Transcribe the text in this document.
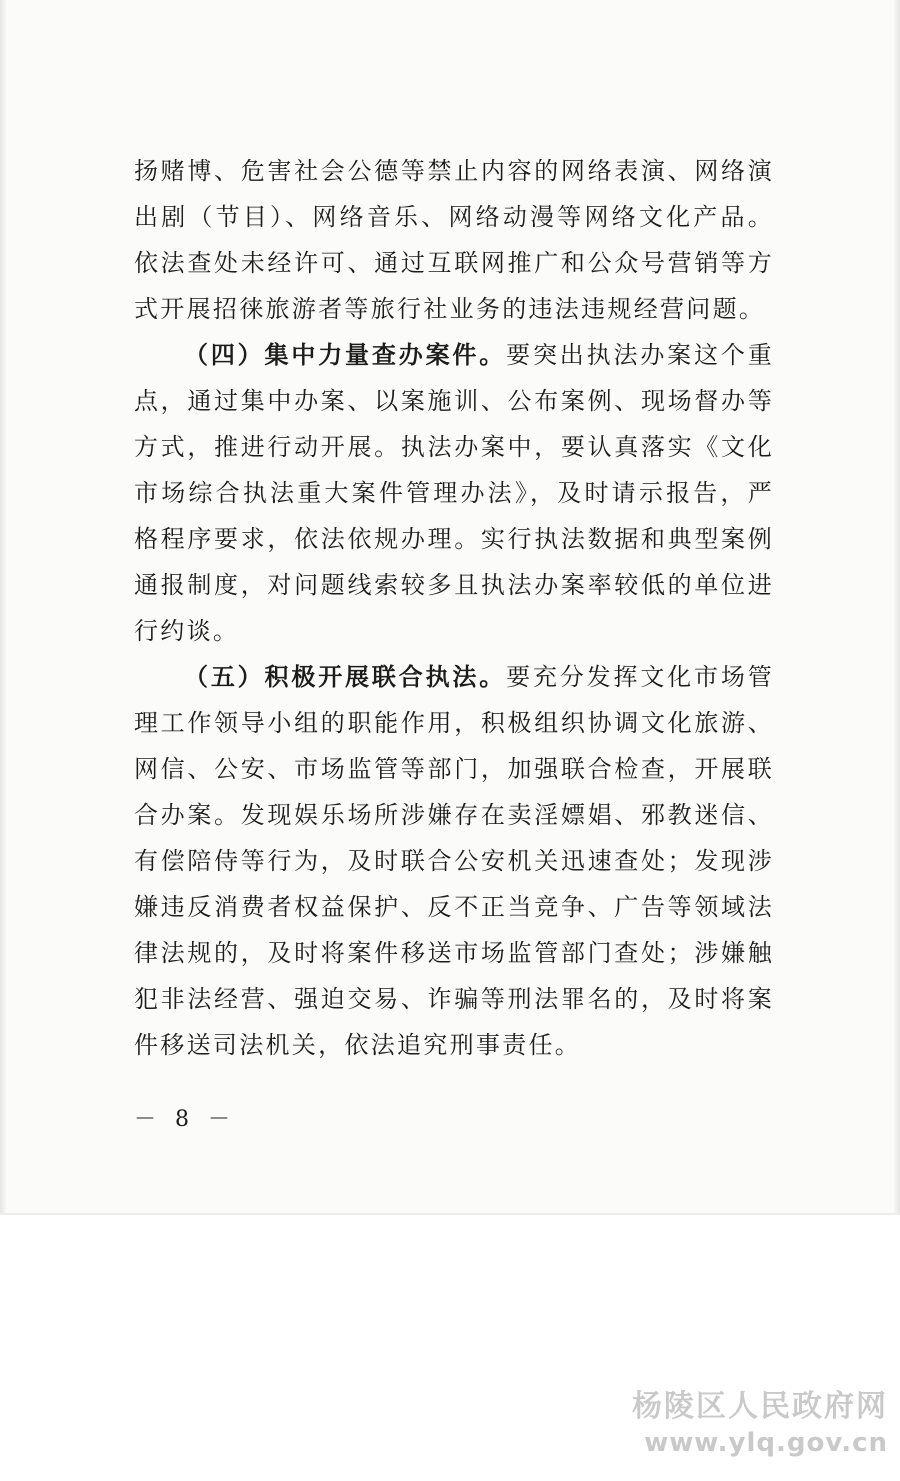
扬赌博、危害社会公德等禁止内容的网络表演、网络演出剧（节目）、网络音乐、网络动漫等网络文化产品。依法查处未经许可、通过互联网推广和公众号营销等方式开展招徕旅游者等旅行社业务的违法违规经营问题。

（四）集中力量查办案件。要突出执法办案这个重点，通过集中办案、以案施训、公布案例、现场督办等方式，推进行动开展。执法办案中，要认真落实《文化市场综合执法重大案件管理办法》，及时请示报告，严格程序要求，依法依规办理。实行执法数据和典型案例通报制度，对问题线索较多且执法办案率较低的单位进行约谈。

（五）积极开展联合执法。要充分发挥文化市场管理工作领导小组的职能作用，积极组织协调文化旅游、网信、公安、市场监管等部门，加强联合检查，开展联合办案。发现娱乐场所涉嫌存在卖淫嫖娼、邪教迷信、有偿陪侍等行为，及时联合公安机关迅速查处；发现涉嫌违反消费者权益保护、反不正当竞争、广告等领域法律法规的，及时将案件移送市场监管部门查处；涉嫌触犯非法经营、强迫交易、诈骗等刑法罪名的，及时将案件移送司法机关，依法追究刑事责任。

－ 8 －
杨陵区人民政府网
www.ylq.gov.cn
